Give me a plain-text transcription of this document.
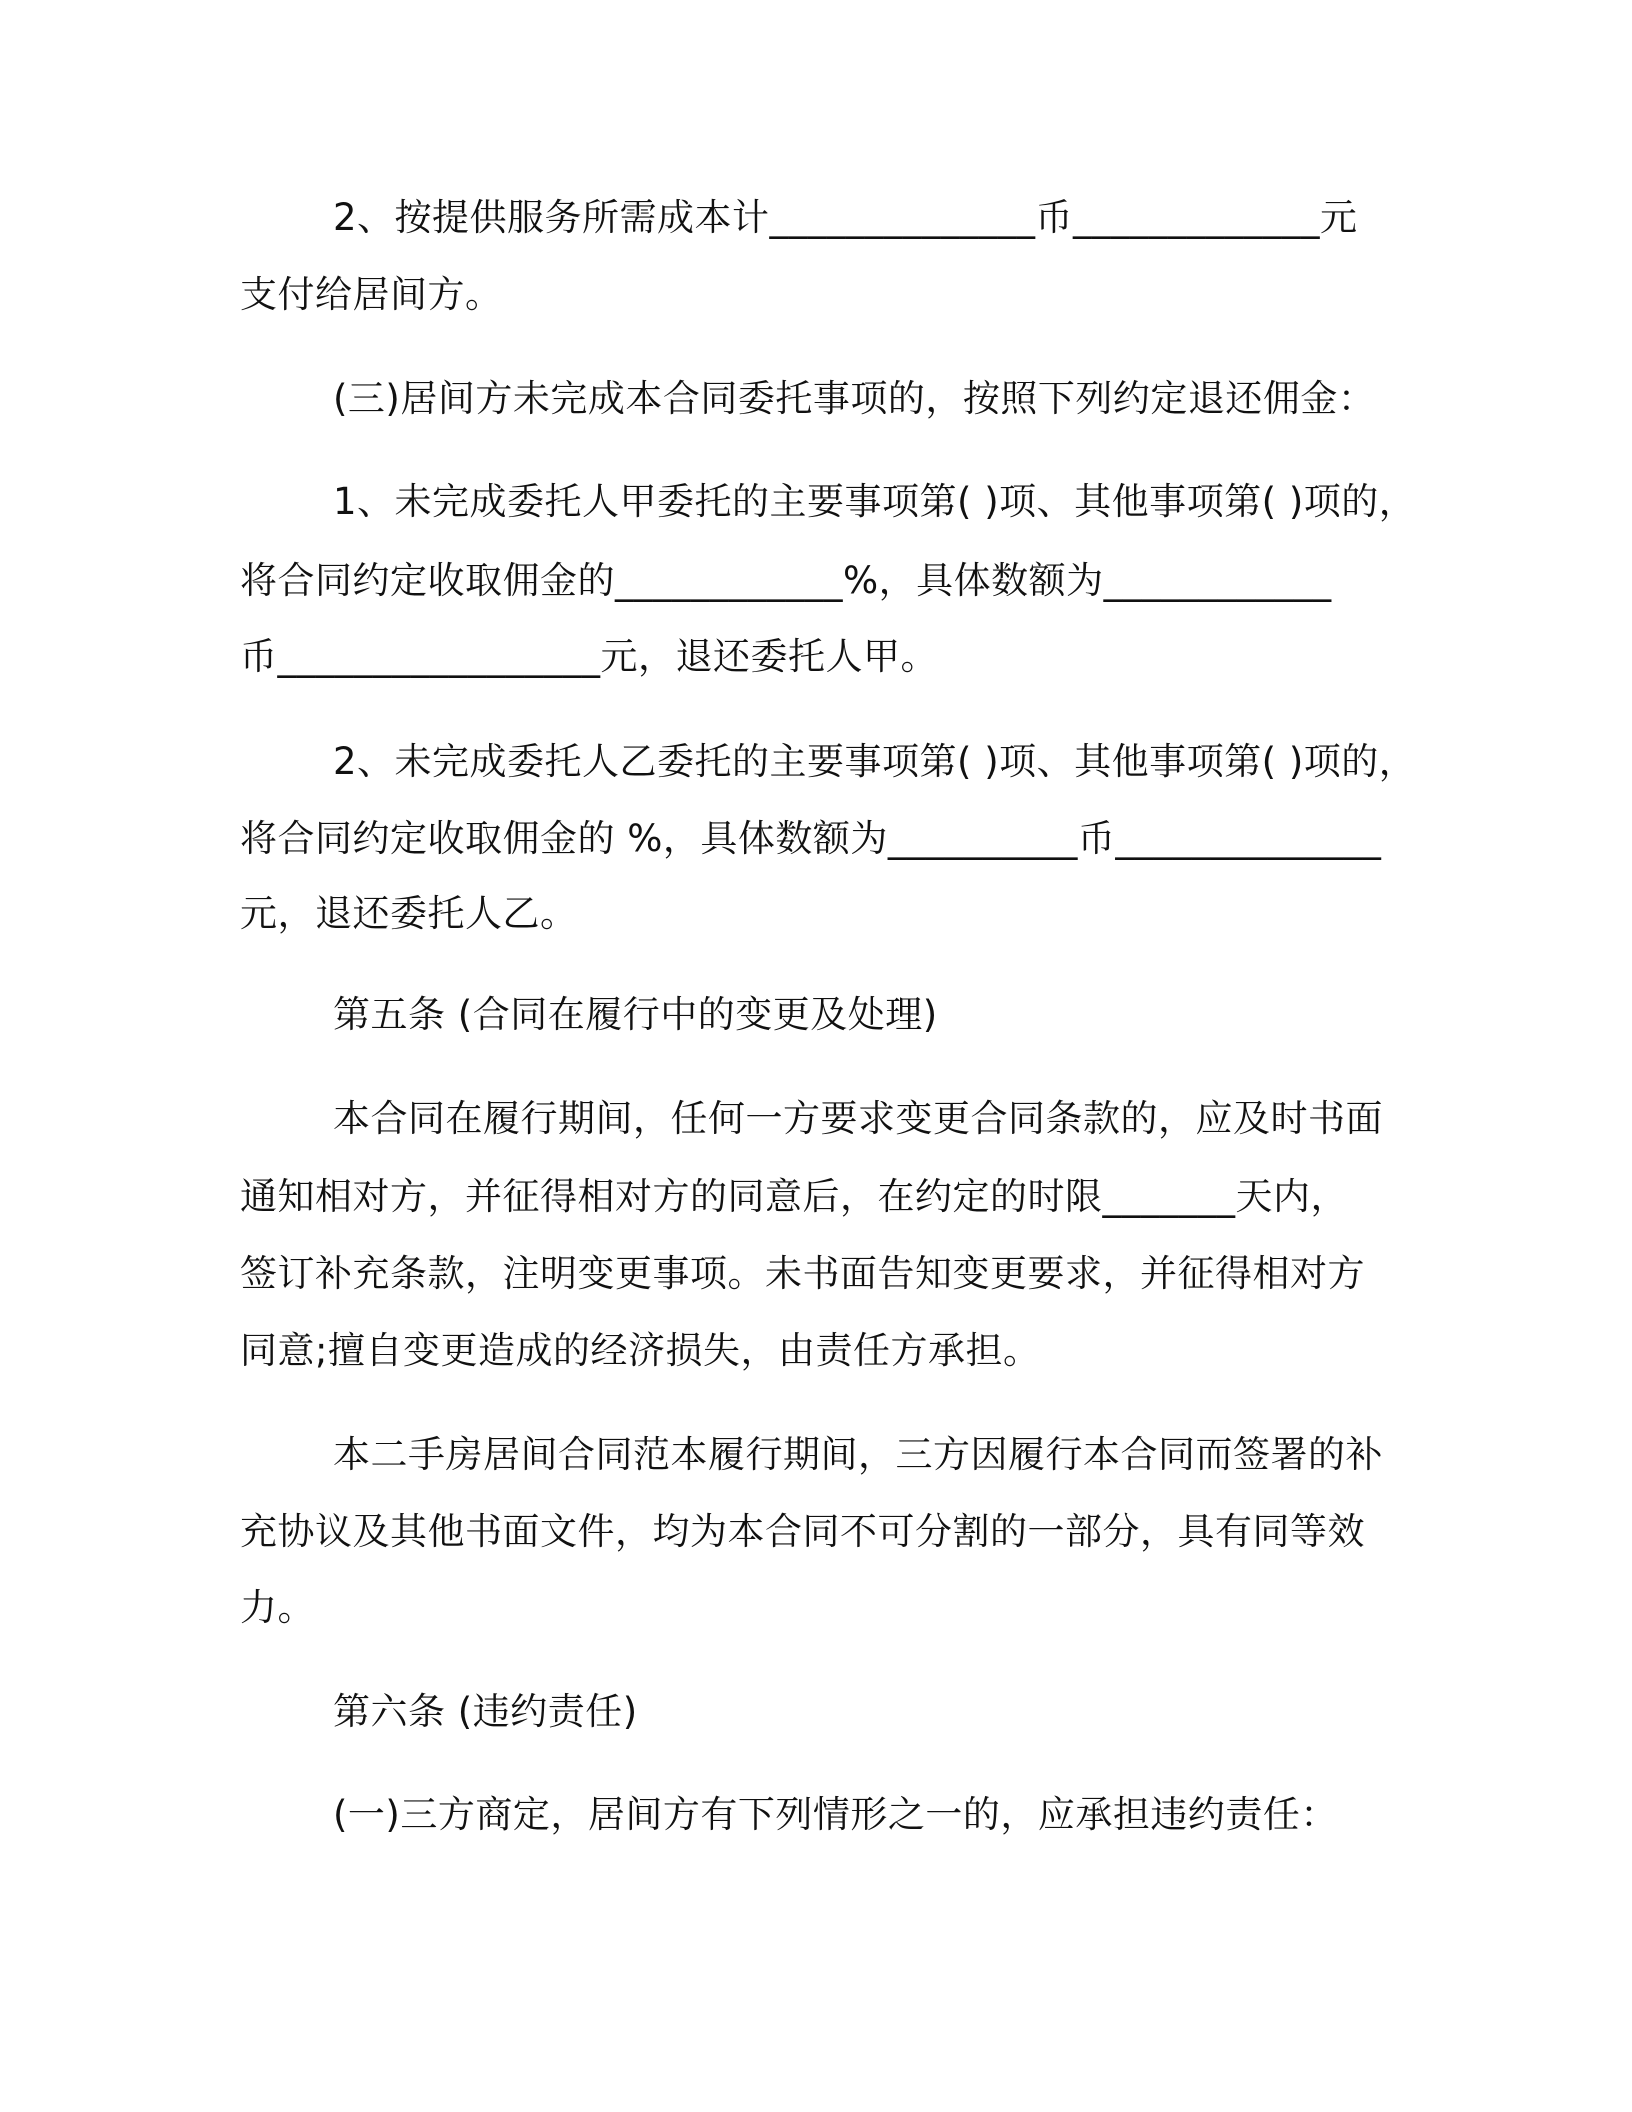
2、按提供服务所需成本计______________币_____________元
支付给居间方。
(三)居间方未完成本合同委托事项的，按照下列约定退还佣金：
1、未完成委托人甲委托的主要事项第( )项、其他事项第( )项的，
将合同约定收取佣金的____________%，具体数额为____________
币_________________元，退还委托人甲。
2、未完成委托人乙委托的主要事项第( )项、其他事项第( )项的，
将合同约定收取佣金的 %，具体数额为__________币______________
元，退还委托人乙。
第五条 (合同在履行中的变更及处理)
本合同在履行期间，任何一方要求变更合同条款的，应及时书面
通知相对方，并征得相对方的同意后，在约定的时限_______天内，
签订补充条款，注明变更事项。未书面告知变更要求，并征得相对方
同意;擅自变更造成的经济损失，由责任方承担。
本二手房居间合同范本履行期间，三方因履行本合同而签署的补
充协议及其他书面文件，均为本合同不可分割的一部分，具有同等效
力。
第六条 (违约责任)
(一)三方商定，居间方有下列情形之一的，应承担违约责任：
